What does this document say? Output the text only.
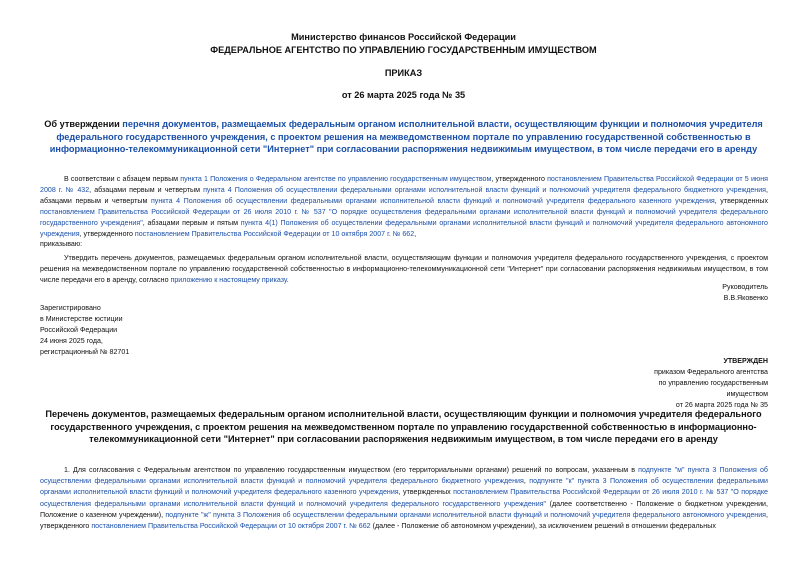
Министерство финансов Российской Федерации
ФЕДЕРАЛЬНОЕ АГЕНТСТВО ПО УПРАВЛЕНИЮ ГОСУДАРСТВЕННЫМ ИМУЩЕСТВОМ
ПРИКАЗ
от 26 марта 2025 года № 35
Об утверждении перечня документов, размещаемых федеральным органом исполнительной власти, осуществляющим функции и полномочия учредителя федерального государственного учреждения, с проектом решения на межведомственном портале по управлению государственной собственностью в информационно-телекоммуникационной сети "Интернет" при согласовании распоряжения недвижимым имуществом, в том числе передачи его в аренду
В соответствии с абзацем первым пункта 1 Положения о Федеральном агентстве по управлению государственным имуществом, утвержденного постановлением Правительства Российской Федерации от 5 июня 2008 г. № 432, абзацами первым и четвертым пункта 4 Положения об осуществлении федеральными органами исполнительной власти функций и полномочий учредителя федерального бюджетного учреждения, абзацами первым и четвертым пункта 4 Положения об осуществлении федеральными органами исполнительной власти функций и полномочий учредителя федерального казенного учреждения, утвержденных постановлением Правительства Российской Федерации от 26 июля 2010 г. № 537 "О порядке осуществления федеральными органами исполнительной власти функций и полномочий учредителя федерального государственного учреждения", абзацами первым и пятым пункта 4(1) Положения об осуществлении федеральными органами исполнительной власти функций и полномочий учредителя федерального автономного учреждения, утвержденного постановлением Правительства Российской Федерации от 10 октября 2007 г. № 662,
приказываю:
Утвердить перечень документов, размещаемых федеральным органом исполнительной власти, осуществляющим функции и полномочия учредителя федерального государственного учреждения, с проектом решения на межведомственном портале по управлению государственной собственностью в информационно-телекоммуникационной сети "Интернет" при согласовании распоряжения недвижимым имуществом, в том числе передачи его в аренду, согласно приложению к настоящему приказу.
Руководитель
В.В.Яковенко
Зарегистрировано
в Министерстве юстиции
Российской Федерации
24 июня 2025 года,
регистрационный № 82701
УТВЕРЖДЕН
приказом Федерального агентства
по управлению государственным
имуществом
от 26 марта 2025 года № 35
Перечень документов, размещаемых федеральным органом исполнительной власти, осуществляющим функции и полномочия учредителя федерального государственного учреждения, с проектом решения на межведомственном портале по управлению государственной собственностью в информационно-телекоммуникационной сети "Интернет" при согласовании распоряжения недвижимым имуществом, в том числе передачи его в аренду
1. Для согласования с Федеральным агентством по управлению государственным имуществом (его территориальными органами) решений по вопросам, указанным в подпункте "м" пункта 3 Положения об осуществлении федеральными органами исполнительной власти функций и полномочий учредителя федерального бюджетного учреждения, подпункте "к" пункта 3 Положения об осуществлении федеральными органами исполнительной власти функций и полномочий учредителя федерального казенного учреждения, утвержденных постановлением Правительства Российской Федерации от 26 июля 2010 г. № 537 "О порядке осуществления федеральными органами исполнительной власти функций и полномочий учредителя федерального государственного учреждения" (далее соответственно - Положение о бюджетном учреждении, Положение о казенном учреждении), подпункте "ж" пункта 3 Положения об осуществлении федеральными органами исполнительной власти функций и полномочий учредителя федерального автономного учреждения, утвержденного постановлением Правительства Российской Федерации от 10 октября 2007 г. № 662 (далее - Положение об автономном учреждении), за исключением решений в отношении федеральных
